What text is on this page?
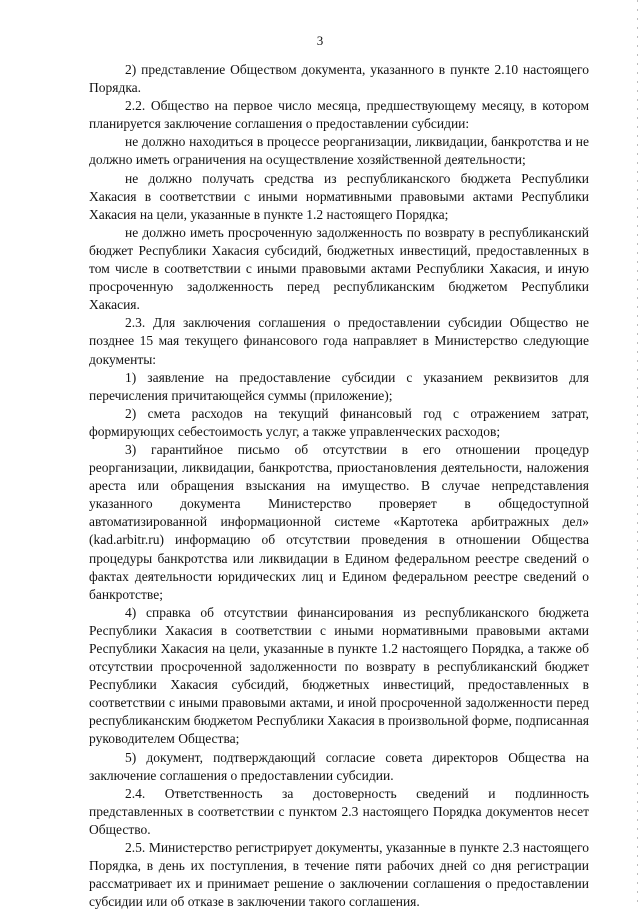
3

2) представление Обществом документа, указанного в пункте 2.10 настоящего Порядка.

2.2. Общество на первое число месяца, предшествующему месяцу, в котором планируется заключение соглашения о предоставлении субсидии:

не должно находиться в процессе реорганизации, ликвидации, банкротства и не должно иметь ограничения на осуществление хозяйственной деятельности;

не должно получать средства из республиканского бюджета Республики Хакасия в соответствии с иными нормативными правовыми актами Республики Хакасия на цели, указанные в пункте 1.2 настоящего Порядка;

не должно иметь просроченную задолженность по возврату в республиканский бюджет Республики Хакасия субсидий, бюджетных инвестиций, предоставленных в том числе в соответствии с иными правовыми актами Республики Хакасия, и иную просроченную задолженность перед республиканским бюджетом Республики Хакасия.

2.3. Для заключения соглашения о предоставлении субсидии Общество не позднее 15 мая текущего финансового года направляет в Министерство следующие документы:

1) заявление на предоставление субсидии с указанием реквизитов для перечисления причитающейся суммы (приложение);

2) смета расходов на текущий финансовый год с отражением затрат, формирующих себестоимость услуг, а также управленческих расходов;

3) гарантийное письмо об отсутствии в его отношении процедур реорганизации, ликвидации, банкротства, приостановления деятельности, наложения ареста или обращения взыскания на имущество. В случае непредставления указанного документа Министерство проверяет в общедоступной автоматизированной информационной системе «Картотека арбитражных дел» (kad.arbitr.ru) информацию об отсутствии проведения в отношении Общества процедуры банкротства или ликвидации в Едином федеральном реестре сведений о фактах деятельности юридических лиц и Едином федеральном реестре сведений о банкротстве;

4) справка об отсутствии финансирования из республиканского бюджета Республики Хакасия в соответствии с иными нормативными правовыми актами Республики Хакасия на цели, указанные в пункте 1.2 настоящего Порядка, а также об отсутствии просроченной задолженности по возврату в республиканский бюджет Республики Хакасия субсидий, бюджетных инвестиций, предоставленных в соответствии с иными правовыми актами, и иной просроченной задолженности перед республиканским бюджетом Республики Хакасия в произвольной форме, подписанная руководителем Общества;

5) документ, подтверждающий согласие совета директоров Общества на заключение соглашения о предоставлении субсидии.

2.4. Ответственность за достоверность сведений и подлинность представленных в соответствии с пунктом 2.3 настоящего Порядка документов несет Общество.

2.5. Министерство регистрирует документы, указанные в пункте 2.3 настоящего Порядка, в день их поступления, в течение пяти рабочих дней со дня регистрации рассматривает их и принимает решение о заключении соглашения о предоставлении субсидии или об отказе в заключении такого соглашения.
